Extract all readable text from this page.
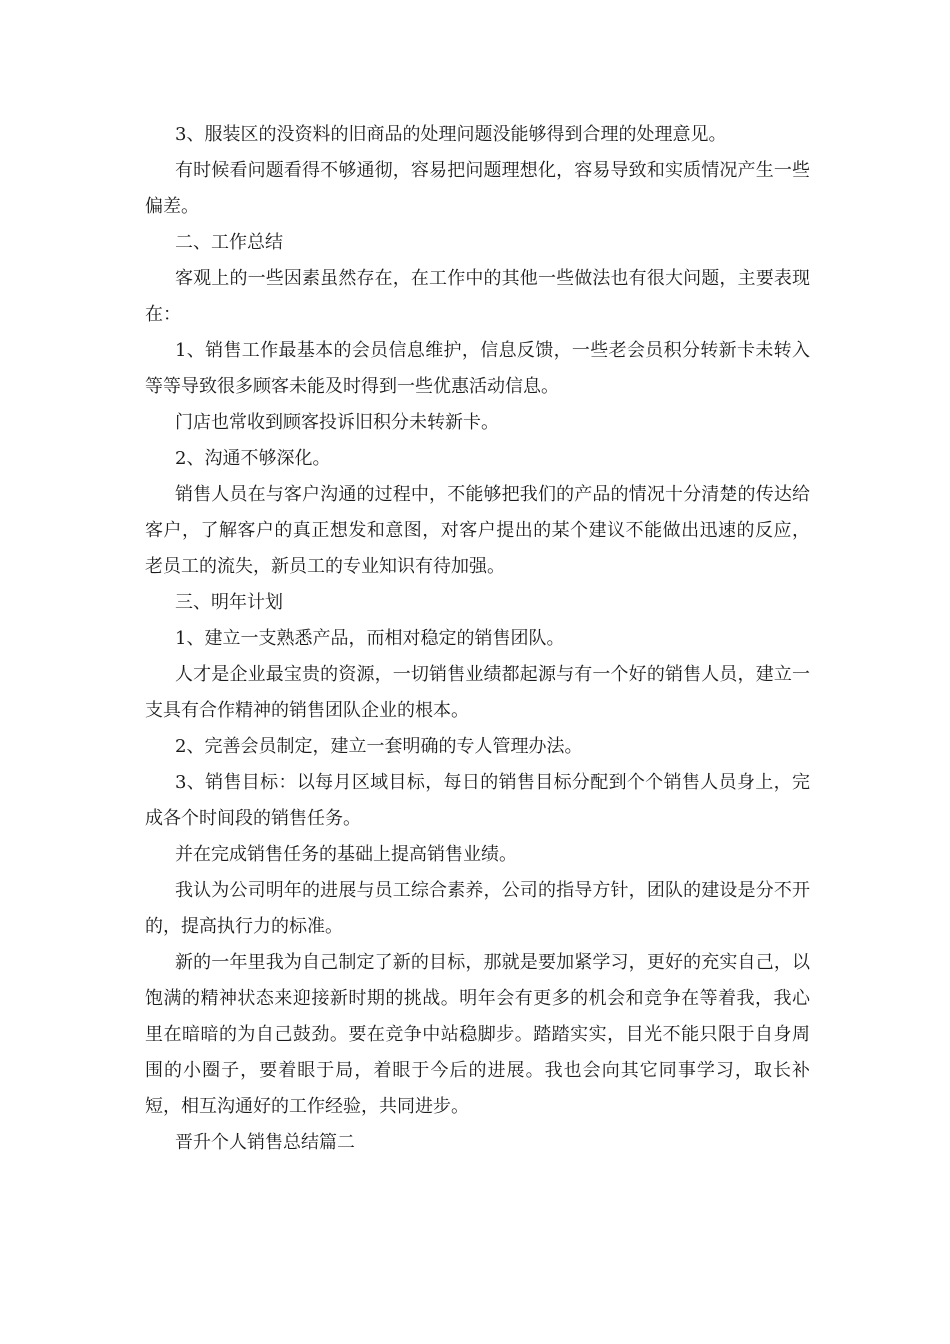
3、服装区的没资料的旧商品的处理问题没能够得到合理的处理意见。

有时候看问题看得不够通彻，容易把问题理想化，容易导致和实质情况产生一些偏差。

二、工作总结

客观上的一些因素虽然存在，在工作中的其他一些做法也有很大问题，主要表现在：

1、销售工作最基本的会员信息维护，信息反馈，一些老会员积分转新卡未转入等等导致很多顾客未能及时得到一些优惠活动信息。

门店也常收到顾客投诉旧积分未转新卡。

2、沟通不够深化。

销售人员在与客户沟通的过程中，不能够把我们的产品的情况十分清楚的传达给客户，了解客户的真正想发和意图，对客户提出的某个建议不能做出迅速的反应，老员工的流失，新员工的专业知识有待加强。

三、明年计划

1、建立一支熟悉产品，而相对稳定的销售团队。

人才是企业最宝贵的资源，一切销售业绩都起源与有一个好的销售人员，建立一支具有合作精神的销售团队企业的根本。

2、完善会员制定，建立一套明确的专人管理办法。

3、销售目标：以每月区域目标，每日的销售目标分配到个个销售人员身上，完成各个时间段的销售任务。

并在完成销售任务的基础上提高销售业绩。

我认为公司明年的进展与员工综合素养，公司的指导方针，团队的建设是分不开的，提高执行力的标准。

新的一年里我为自己制定了新的目标，那就是要加紧学习，更好的充实自己，以饱满的精神状态来迎接新时期的挑战。明年会有更多的机会和竞争在等着我，我心里在暗暗的为自己鼓劲。要在竞争中站稳脚步。踏踏实实，目光不能只限于自身周围的小圈子，要着眼于局，着眼于今后的进展。我也会向其它同事学习，取长补短，相互沟通好的工作经验，共同进步。

晋升个人销售总结篇二
